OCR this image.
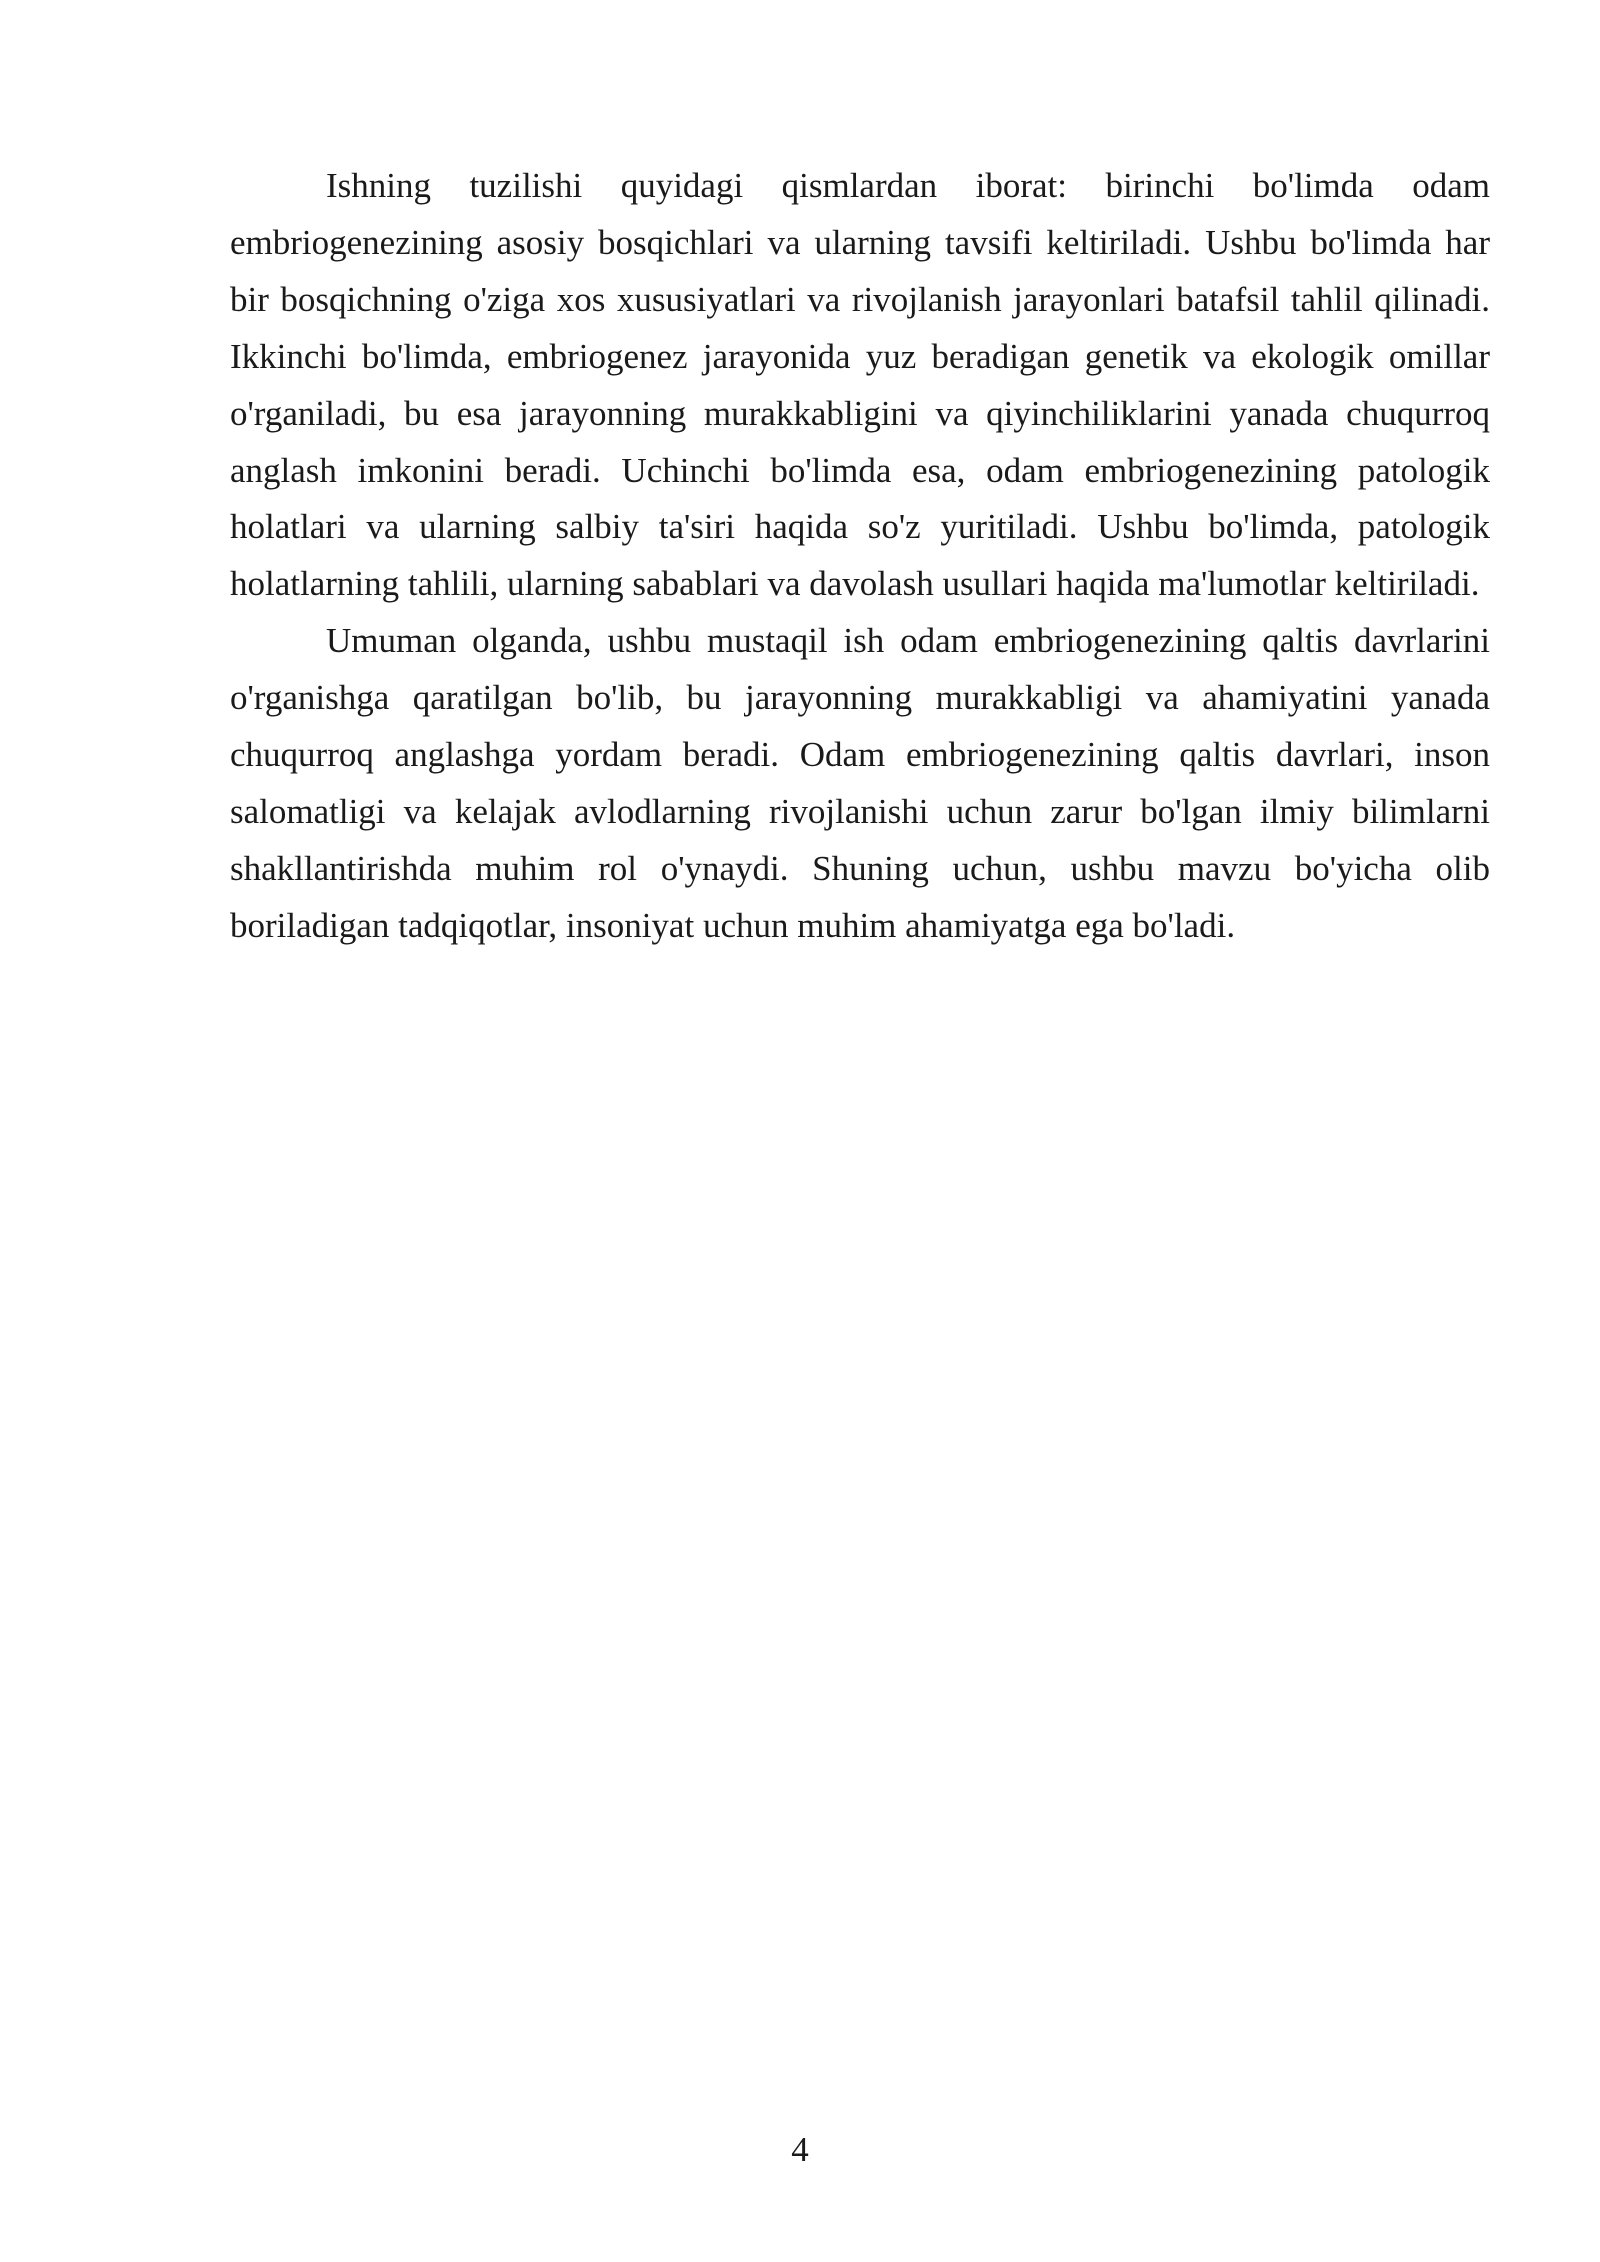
Ishning tuzilishi quyidagi qismlardan iborat: birinchi bo'limda odam embriogenezining asosiy bosqichlari va ularning tavsifi keltiriladi. Ushbu bo'limda har bir bosqichning o'ziga xos xususiyatlari va rivojlanish jarayonlari batafsil tahlil qilinadi. Ikkinchi bo'limda, embriogenez jarayonida yuz beradigan genetik va ekologik omillar o'rganiladi, bu esa jarayonning murakkabligini va qiyinchiliklarini yanada chuqurroq anglash imkonini beradi. Uchinchi bo'limda esa, odam embriogenezining patologik holatlari va ularning salbiy ta'siri haqida so'z yuritiladi. Ushbu bo'limda, patologik holatlarning tahlili, ularning sabablari va davolash usullari haqida ma'lumotlar keltiriladi.

Umuman olganda, ushbu mustaqil ish odam embriogenezining qaltis davrlarini o'rganishga qaratilgan bo'lib, bu jarayonning murakkabligi va ahamiyatini yanada chuqurroq anglashga yordam beradi. Odam embriogenezining qaltis davrlari, inson salomatligi va kelajak avlodlarning rivojlanishi uchun zarur bo'lgan ilmiy bilimlarni shakllantirishda muhim rol o'ynaydi. Shuning uchun, ushbu mavzu bo'yicha olib boriladigan tadqiqotlar, insoniyat uchun muhim ahamiyatga ega bo'ladi.

4
